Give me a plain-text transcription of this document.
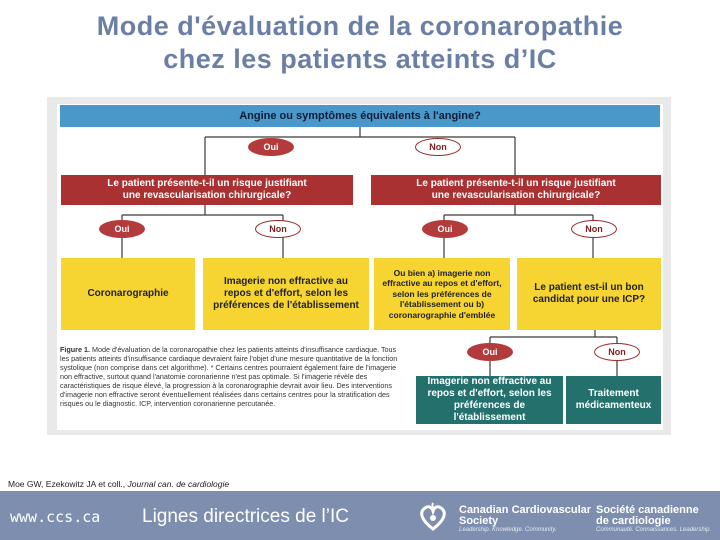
Mode d'évaluation de la coronaropathie
chez les patients atteints d’IC
Angine ou symptômes équivalents à l'angine?
Oui	Non
Le patient présente-t-il un risque justifiant une revascularisation chirurgicale?
Le patient présente-t-il un risque justifiant une revascularisation chirurgicale?
Oui	Non	Oui	Non
Coronarographie
Imagerie non effractive au repos et d'effort, selon les préférences de l'établissement
Ou bien a) imagerie non effractive au repos et d'effort, selon les préférences de l'établissement ou b) coronarographie d'emblée
Le patient est-il un bon candidat pour une ICP?
Oui	Non
Imagerie non effractive au repos et d'effort, selon les préférences de l'établissement
Traitement médicamenteux
Figure 1. Mode d'évaluation de la coronaropathie chez les patients atteints d'insuffisance cardiaque. Tous les patients atteints d'insuffisance cardiaque devraient faire l'objet d'une mesure quantitative de la fonction systolique (non comprise dans cet algorithme). * Certains centres pourraient également faire de l'imagerie non effractive, surtout quand l'anatomie coronarienne n'est pas optimale. Si l'imagerie révèle des caractéristiques de risque élevé, la progression à la coronarographie devrait avoir lieu. Des interventions d'imagerie non effractive seront éventuellement réalisées dans certains centres pour la stratification des risques ou le diagnostic. ICP, intervention coronarienne percutanée.
Moe GW, Ezekowitz JA et coll., Journal can. de cardiologie
www.ccs.ca Lignes directrices de l’IC	Canadian Cardiovascular
Society
Leadership. Knowledge. Community.
Société canadienne
de cardiologie
Communauté. Connaissances. Leadership.
